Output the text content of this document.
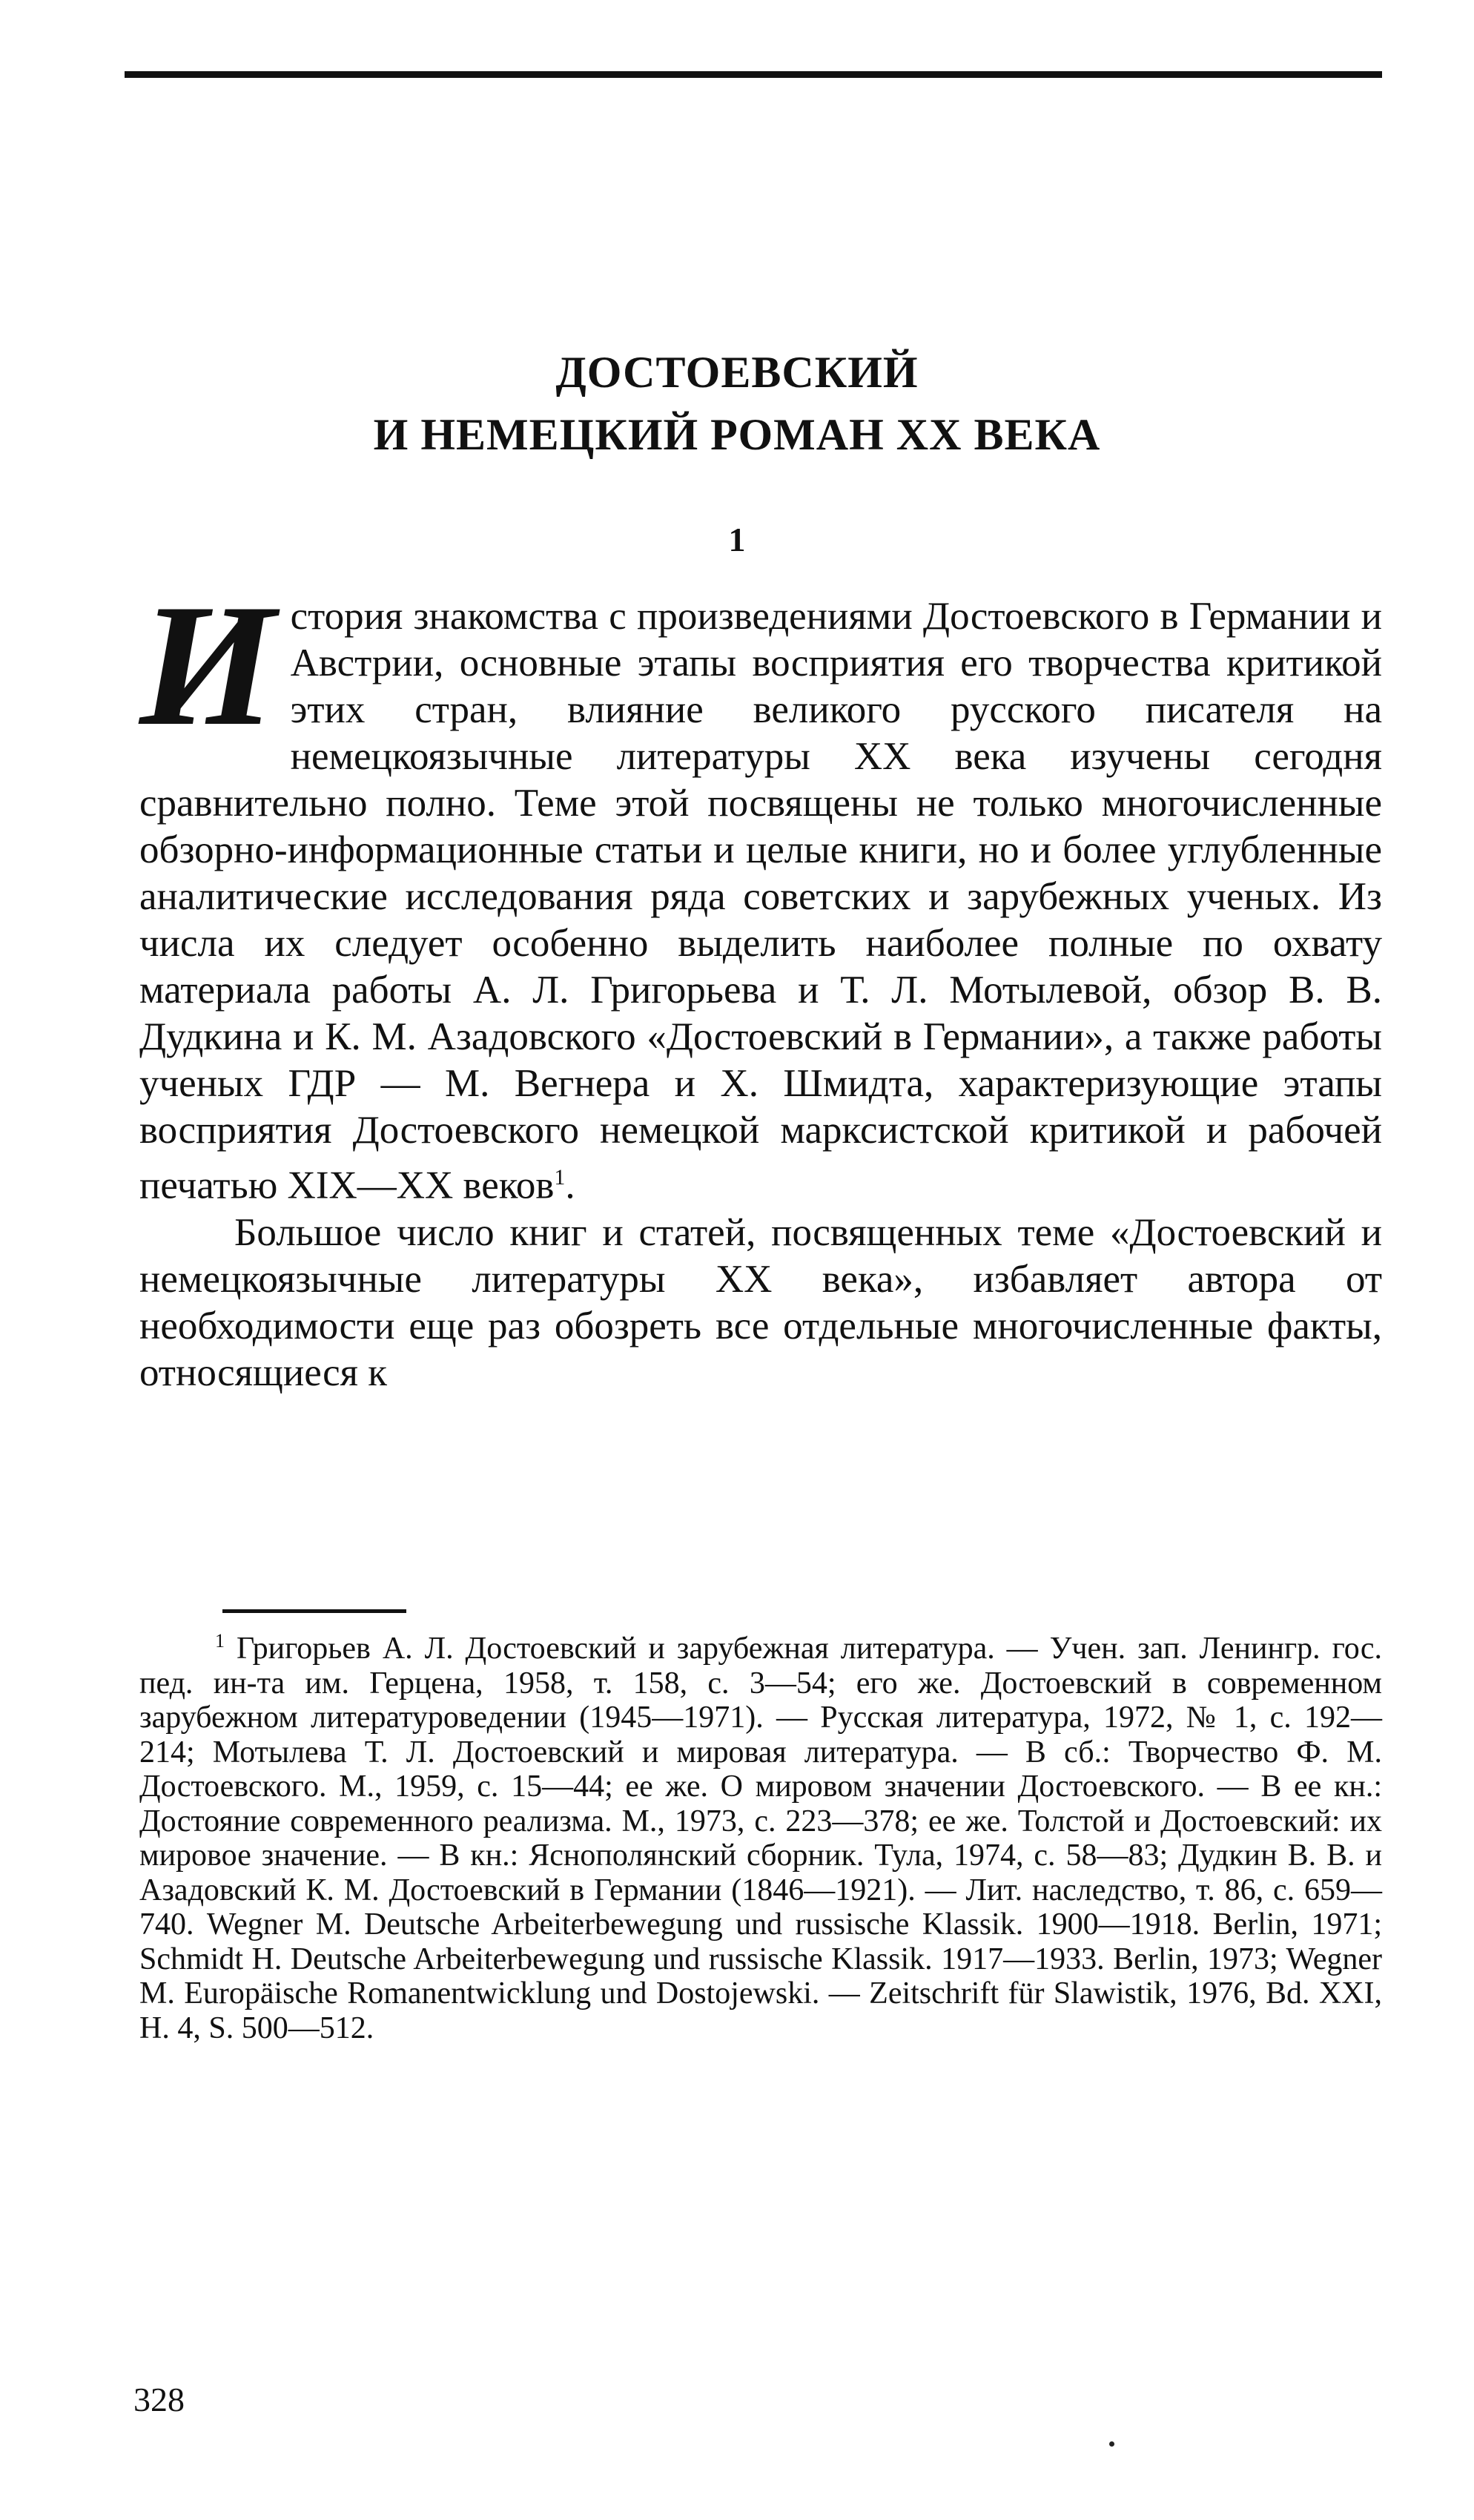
ДОСТОЕВСКИЙ
И НЕМЕЦКИЙ РОМАН XX ВЕКА
1

История знакомства с произведениями Достоевского в Германии и Австрии, основные этапы восприятия его творчества критикой этих стран, влияние великого русского писателя на немецкоязычные литературы XX века изучены сегодня сравнительно полно. Теме этой посвящены не только многочисленные обзорно-информационные статьи и целые книги, но и более углубленные аналитические исследования ряда советских и зарубежных ученых. Из числа их следует особенно выделить наиболее полные по охвату материала работы А. Л. Григорьева и Т. Л. Мотылевой, обзор В. В. Дудкина и К. М. Азадовского «Достоевский в Германии», а также работы ученых ГДР — М. Вегнера и Х. Шмидта, характеризующие этапы восприятия Достоевского немецкой марксистской критикой и рабочей печатью XIX—XX веков$^1$.

Большое число книг и статей, посвященных теме «Достоевский и немецкоязычные литературы XX века», избавляет автора от необходимости еще раз обозреть все отдельные многочисленные факты, относящиеся к

$^1$ Григорьев А. Л. Достоевский и зарубежная литература. — Учен. зап. Ленингр. гос. пед. ин-та им. Герцена, 1958, т. 158, с. 3—54; его же. Достоевский в современном зарубежном литературоведении (1945—1971). — Русская литература, 1972, № 1, с. 192—214; Мотылева Т. Л. Достоевский и мировая литература. — В сб.: Творчество Ф. М. Достоевского. М., 1959, с. 15—44; ее же. О мировом значении Достоевского. — В ее кн.: Достояние современного реализма. М., 1973, с. 223—378; ее же. Толстой и Достоевский: их мировое значение. — В кн.: Яснополянский сборник. Тула, 1974, с. 58—83; Дудкин В. В. и Азадовский К. М. Достоевский в Германии (1846—1921). — Лит. наследство, т. 86, с. 659—740. Wegner M. Deutsche Arbeiterbewegung und russische Klassik. 1900—1918. Berlin, 1971; Schmidt H. Deutsche Arbeiterbewegung und russische Klassik. 1917—1933. Berlin, 1973; Wegner M. Europäische Romanentwicklung und Dostojewski. — Zeitschrift für Slawistik, 1976, Bd. XXI, H. 4, S. 500—512.

328
